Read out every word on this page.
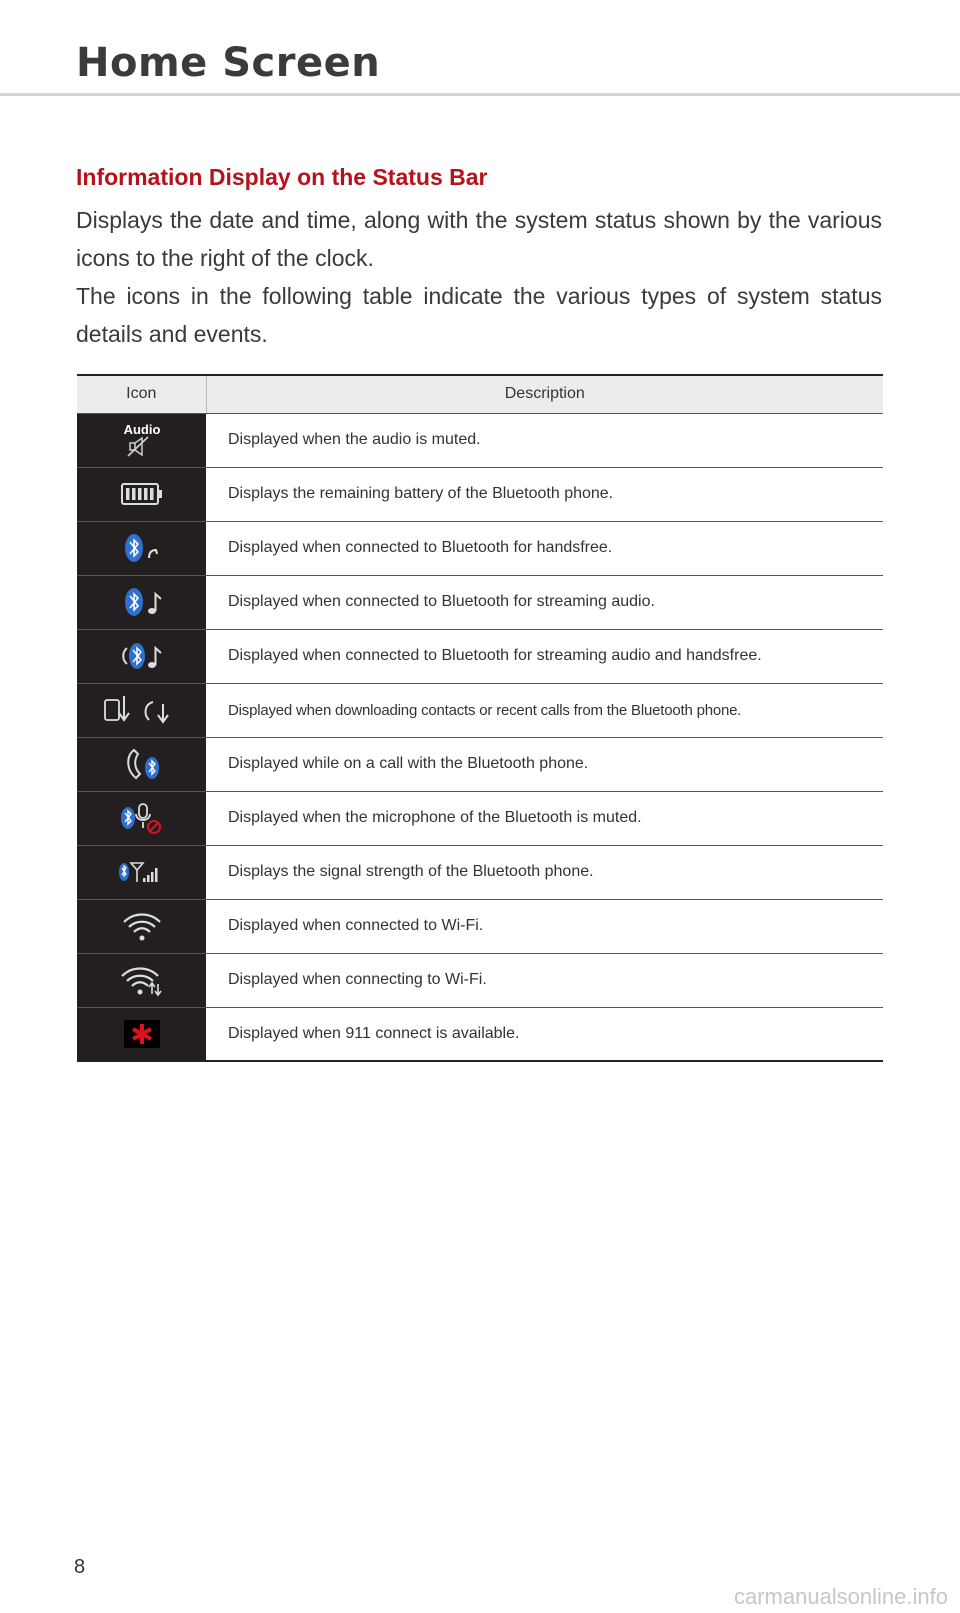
Home Screen
Information Display on the Status Bar

Displays the date and time, along with the system status shown by the various icons to the right of the clock.

The icons in the following table indicate the various types of system status details and events.

Icon	Description

Audio	Displayed when the audio is muted.

	Displays the remaining battery of the Bluetooth phone.

	Displayed when connected to Bluetooth for handsfree.

	Displayed when connected to Bluetooth for streaming audio.

	Displayed when connected to Bluetooth for streaming audio and handsfree.

	Displayed when downloading contacts or recent calls from the Bluetooth phone.

	Displayed while on a call with the Bluetooth phone.

	Displayed when the microphone of the Bluetooth is muted.

	Displays the signal strength of the Bluetooth phone.

	Displayed when connected to Wi-Fi.

	Displayed when connecting to Wi-Fi.

	Displayed when 911 connect is available.
8
carmanualsonline.info
